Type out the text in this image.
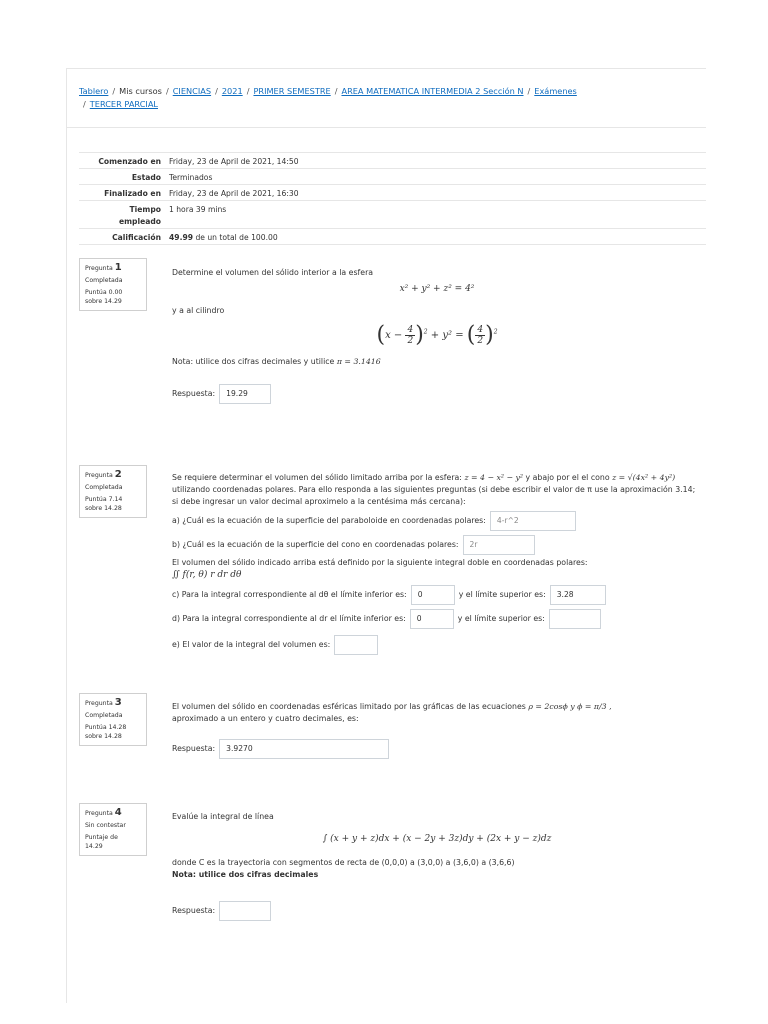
Tablero / Mis cursos / CIENCIAS / 2021 / PRIMER SEMESTRE / AREA MATEMATICA INTERMEDIA 2 Sección N / Exámenes
/ TERCER PARCIAL
Comenzado en	Friday, 23 de April de 2021, 14:50
Estado	Terminados
Finalizado en	Friday, 23 de April de 2021, 16:30
Tiempo
empleado
1 hora 39 mins
Calificación	49.99 de un total de 100.00
Pregunta 1
Completada
Puntúa 0.00
sobre 14.29
Determine el volumen del sólido interior a la esfera
x² + y² + z² = 4²
y a al cilindro
$(x - \frac{4}{2} )^2 + y^2$ = ( $\frac{4}{2} )^2$
Nota: utilice dos cifras decimales y utilice π = 3.1416
Respuesta:	19.29
Pregunta 2
Completada
Puntúa 7.14
sobre 14.28
Se requiere determinar el volumen del sólido limitado arriba por la esfera: z = 4 − x² − y² y abajo por el el cono z = √(4x² + 4y²) utilizando coordenadas polares. Para ello responda a las siguientes preguntas (si debe escribir el valor de π use la aproximación 3.14; si debe ingresar un valor decimal aproximelo a la centésima más cercana):
a) ¿Cuál es la ecuación de la superficie del paraboloide en coordenadas polares:	4-r^2
b) ¿Cuál es la ecuación de la superficie del cono en coordenadas polares:	2r
El volumen del sólido indicado arriba está definido por la siguiente integral doble en coordenadas polares:
∬ f(r, θ) r dr dθ
c) Para la integral correspondiente al dθ el límite inferior es:	0	y el límite superior es:	3.28
d) Para la integral correspondiente al dr el límite inferior es:	0	y el límite superior es:
e) El valor de la integral del volumen es:
Pregunta 3
Completada
Puntúa 14.28
sobre 14.28
El volumen del sólido en coordenadas esféricas limitado por las gráficas de las ecuaciones ρ = 2cosϕ y ϕ = π/3 ,
aproximado a un entero y cuatro decimales, es:
Respuesta:	3.9270
Pregunta 4
Sin contestar
Puntaje de
14.29
Evalúe la integral de línea
∫ (x + y + z)dx + (x − 2y + 3z)dy + (2x + y − z)dz
donde C es la trayectoria con segmentos de recta de (0,0,0) a (3,0,0) a (3,6,0) a (3,6,6)
Nota: utilice dos cifras decimales
Respuesta:
